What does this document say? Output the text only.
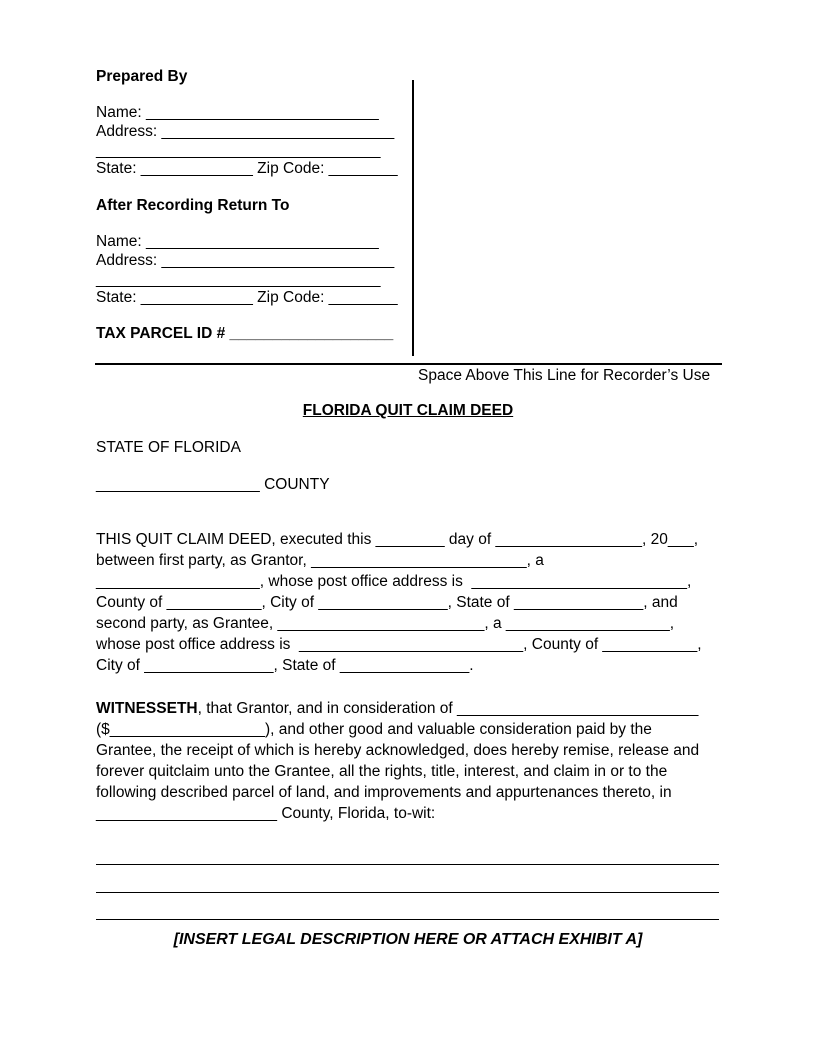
Prepared By
Name: ___________________________
Address: ___________________________
_________________________________
State: _____________ Zip Code: ________
After Recording Return To
Name: ___________________________
Address: ___________________________
_________________________________
State: _____________ Zip Code: ________
TAX PARCEL ID # ___________________
Space Above This Line for Recorder’s Use
FLORIDA QUIT CLAIM DEED
STATE OF FLORIDA
___________________ COUNTY
THIS QUIT CLAIM DEED, executed this ________ day of _________________, 20___,
between first party, as Grantor, _________________________, a
___________________, whose post office address is  _________________________,
County of ___________, City of _______________, State of _______________, and
second party, as Grantee, ________________________, a ___________________,
whose post office address is  __________________________, County of ___________,
City of _______________, State of _______________.
WITNESSETH, that Grantor, and in consideration of ____________________________
($__________________), and other good and valuable consideration paid by the
Grantee, the receipt of which is hereby acknowledged, does hereby remise, release and
forever quitclaim unto the Grantee, all the rights, title, interest, and claim in or to the
following described parcel of land, and improvements and appurtenances thereto, in
_____________________ County, Florida, to-wit:
[INSERT LEGAL DESCRIPTION HERE OR ATTACH EXHIBIT A]
